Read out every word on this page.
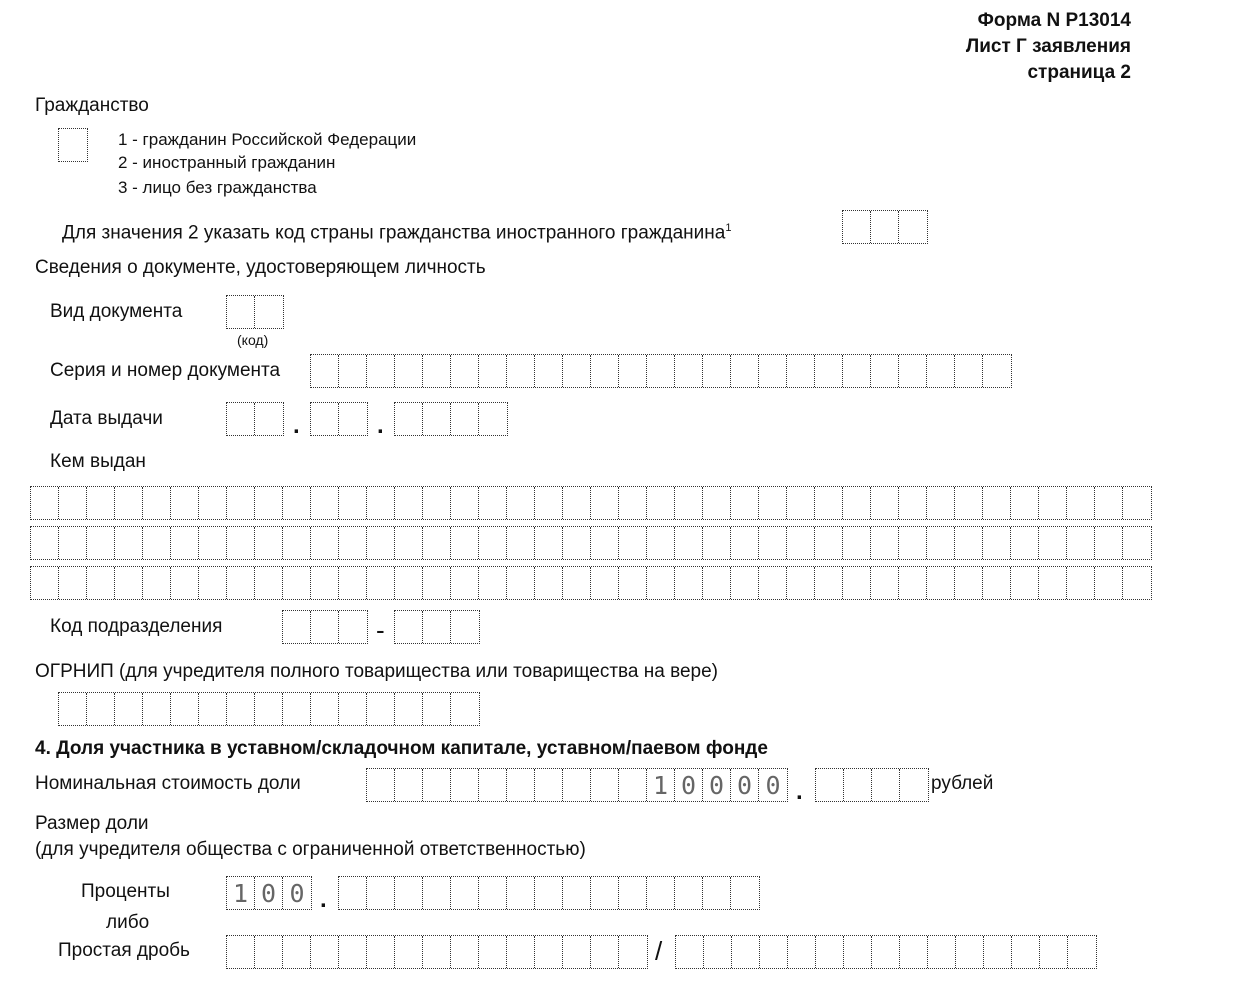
Форма N Р13014
Лист Г заявления
страница 2
Гражданство
1 - гражданин Российской Федерации
2 - иностранный гражданин
3 - лицо без гражданства
Для значения 2 указать код страны гражданства иностранного гражданина$^1$
Сведения о документе, удостоверяющем личность
Вид документа
(код)
Серия и номер документа
Дата выдачи	.	.
Кем выдан
Код подразделения	-
ОГРНИП (для учредителя полного товарищества или товарищества на вере)
4. Доля участника в уставном/складочном капитале, уставном/паевом фонде
Номинальная стоимость доли	1 0 0 0 0 .	рублей
Размер доли
(для учредителя общества с ограниченной ответственностью)
Проценты	1 0 0 .
либо
Простая дробь	/
